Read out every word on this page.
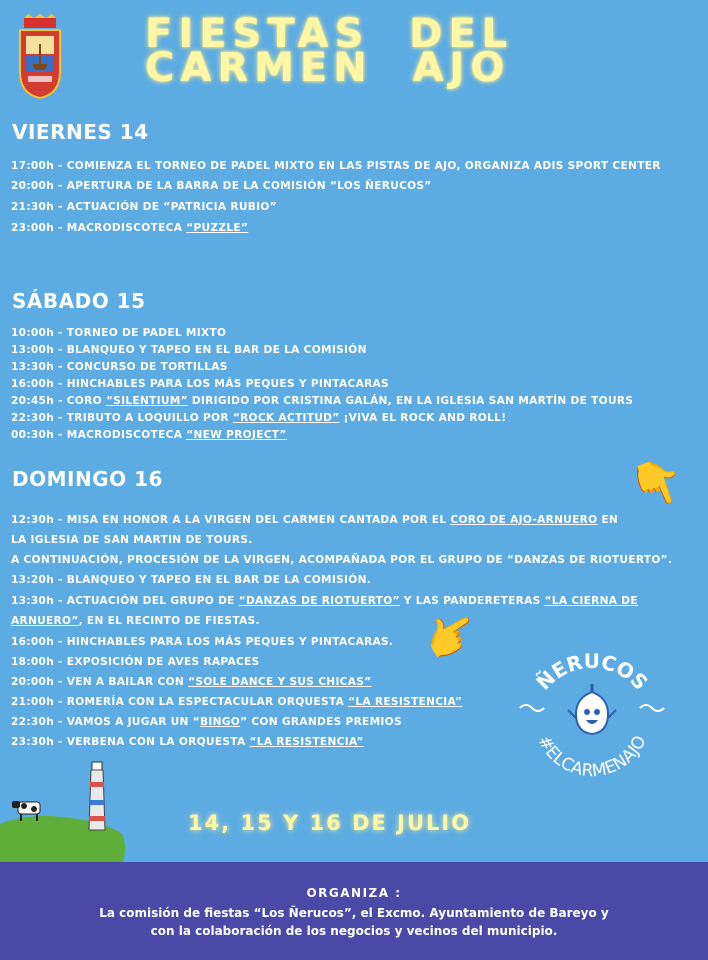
FIESTAS  DEL
CARMEN  AJO
VIERNES 14
17:00h - COMIENZA EL TORNEO DE PADEL MIXTO EN LAS PISTAS DE AJO, ORGANIZA ADIS SPORT CENTER
20:00h - APERTURA DE LA BARRA DE LA COMISIÓN “LOS ÑERUCOS”
21:30h - ACTUACIÓN DE “PATRICIA RUBIO”
23:00h - MACRODISCOTECA “PUZZLE”
SÁBADO 15
10:00h - TORNEO DE PADEL MIXTO
13:00h - BLANQUEO Y TAPEO EN EL BAR DE LA COMISIÓN
13:30h - CONCURSO DE TORTILLAS
16:00h - HINCHABLES PARA LOS MÁS PEQUES Y PINTACARAS
20:45h - CORO “SILENTIUM” DIRIGIDO POR CRISTINA GALÁN, EN LA IGLESIA SAN MARTÍN DE TOURS
22:30h - TRIBUTO A LOQUILLO POR “ROCK ACTITUD” ¡VIVA EL ROCK AND ROLL!
00:30h - MACRODISCOTECA “NEW PROJECT”
DOMINGO 16
12:30h - MISA EN HONOR A LA VIRGEN DEL CARMEN CANTADA POR EL CORO DE AJO-ARNUERO EN LA IGLESIA DE SAN MARTIN DE TOURS.
A CONTINUACIÓN, PROCESIÓN DE LA VIRGEN, ACOMPAÑADA POR EL GRUPO DE “DANZAS DE RIOTUERTO”.
13:20h - BLANQUEO Y TAPEO EN EL BAR DE LA COMISIÓN.
13:30h - ACTUACIÓN DEL GRUPO DE “DANZAS DE RIOTUERTO” Y LAS PANDERETERAS “LA CIERNA DE ARNUERO”, EN EL RECINTO DE FIESTAS.
16:00h - HINCHABLES PARA LOS MÁS PEQUES Y PINTACARAS.
18:00h - EXPOSICIÓN DE AVES RAPACES
20:00h - VEN A BAILAR CON “SOLE DANCE Y SUS CHICAS”
21:00h - ROMERÍA CON LA ESPECTACULAR ORQUESTA “LA RESISTENCIA”
22:30h - VAMOS A JUGAR UN “BINGO” CON GRANDES PREMIOS
23:30h - VERBENA CON LA ORQUESTA “LA RESISTENCIA”
👇
👉
ÑERUCOS
#ELCARMENAJO
14, 15 Y 16 DE JULIO
ORGANIZA :
La comisión de fiestas “Los Ñerucos”, el Excmo. Ayuntamiento de Bareyo y
con la colaboración de los negocios y vecinos del municipio.
